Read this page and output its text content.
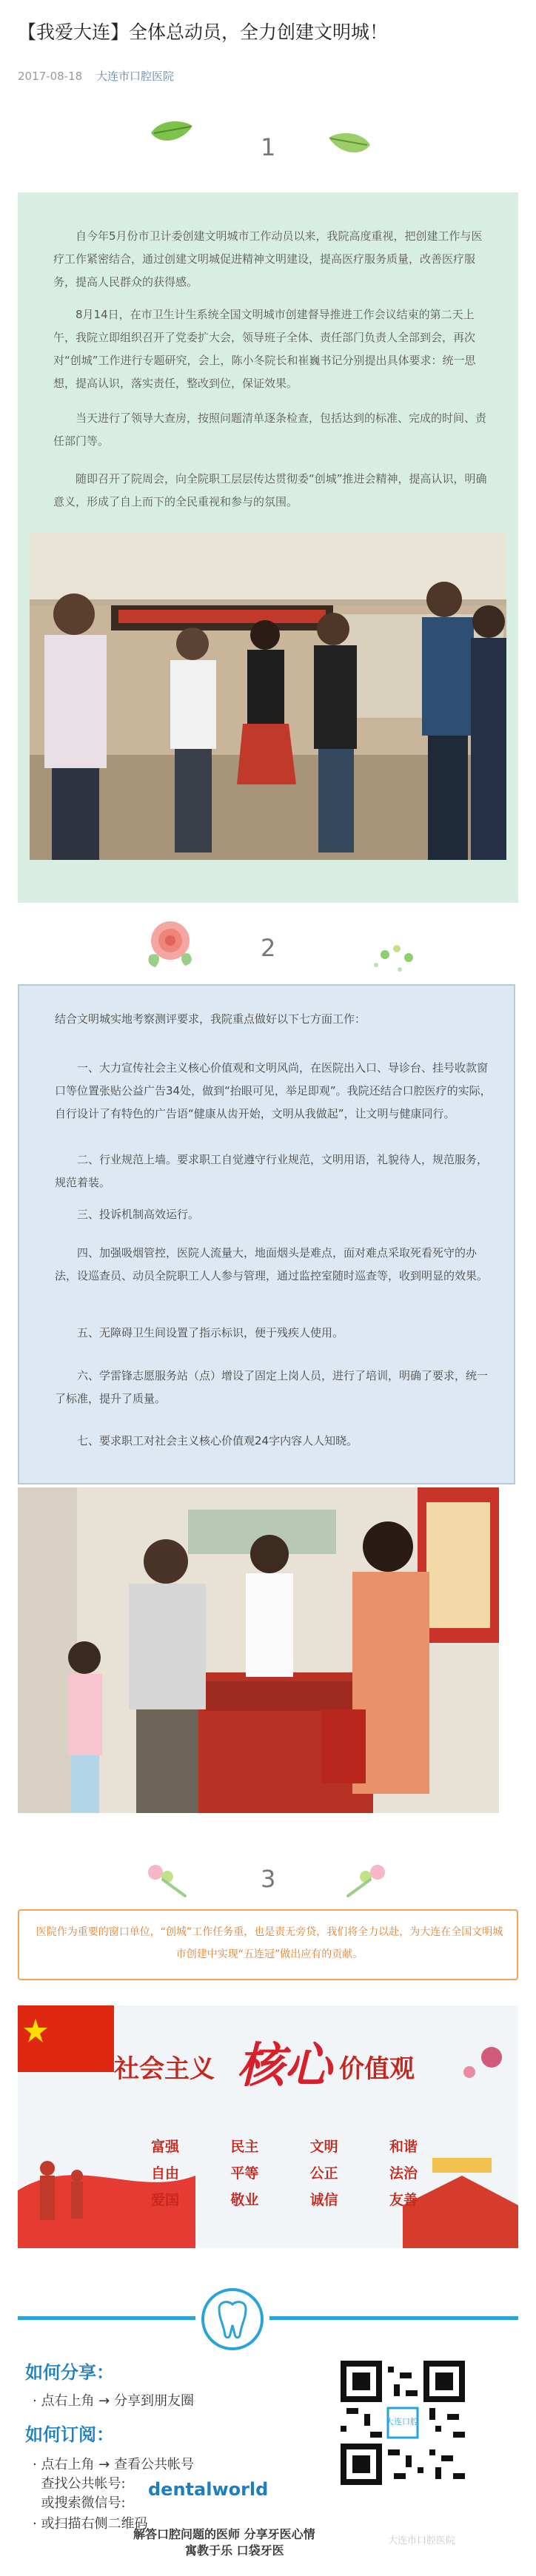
【我爱大连】全体总动员，全力创建文明城！
2017-08-18 大连市口腔医院
1

自今年5月份市卫计委创建文明城市工作动员以来，我院高度重视，把创建工作与医疗工作紧密结合，通过创建文明城促进精神文明建设，提高医疗服务质量，改善医疗服务，提高人民群众的获得感。

8月14日，在市卫生计生系统全国文明城市创建督导推进工作会议结束的第二天上午，我院立即组织召开了党委扩大会，领导班子全体、责任部门负责人全部到会，再次对“创城”工作进行专题研究，会上，陈小冬院长和崔巍书记分别提出具体要求：统一思想，提高认识，落实责任，整改到位，保证效果。

当天进行了领导大查房，按照问题清单逐条检查，包括达到的标准、完成的时间、责任部门等。

随即召开了院周会，向全院职工层层传达贯彻委“创城”推进会精神，提高认识，明确意义，形成了自上而下的全民重视和参与的氛围。

2

结合文明城实地考察测评要求，我院重点做好以下七方面工作：

一、大力宣传社会主义核心价值观和文明风尚，在医院出入口、导诊台、挂号收款窗口等位置张贴公益广告34处，做到“抬眼可见，举足即观”。我院还结合口腔医疗的实际，自行设计了有特色的广告语“健康从齿开始，文明从我做起”，让文明与健康同行。

二、行业规范上墙。要求职工自觉遵守行业规范，文明用语，礼貌待人，规范服务，规范着装。

三、投诉机制高效运行。

四、加强吸烟管控，医院人流量大，地面烟头是难点，面对难点采取死看死守的办法，设巡查员、动员全院职工人人参与管理，通过监控室随时巡查等，收到明显的效果。

五、无障碍卫生间设置了指示标识，便于残疾人使用。

六、学雷锋志愿服务站（点）增设了固定上岗人员，进行了培训，明确了要求，统一了标准，提升了质量。

七、要求职工对社会主义核心价值观24字内容人人知晓。

3

医院作为重要的窗口单位，“创城”工作任务重，也是责无旁贷，我们将全力以赴，为大连在全国文明城市创建中实现“五连冠”做出应有的贡献。

社会主义 核心 价值观
富强	民主	文明	和谐
自由	平等	公正	法治
爱国	敬业	诚信	友善
如何分享：
· 点右上角 → 分享到朋友圈
如何订阅：
· 点右上角 → 查看公共帐号
查找公共帐号:
或搜索微信号:
dentalworld
· 或扫描右侧二维码
大连口腔
解答口腔问题的医师 分享牙医心情
寓教于乐 口袋牙医
大连市口腔医院
